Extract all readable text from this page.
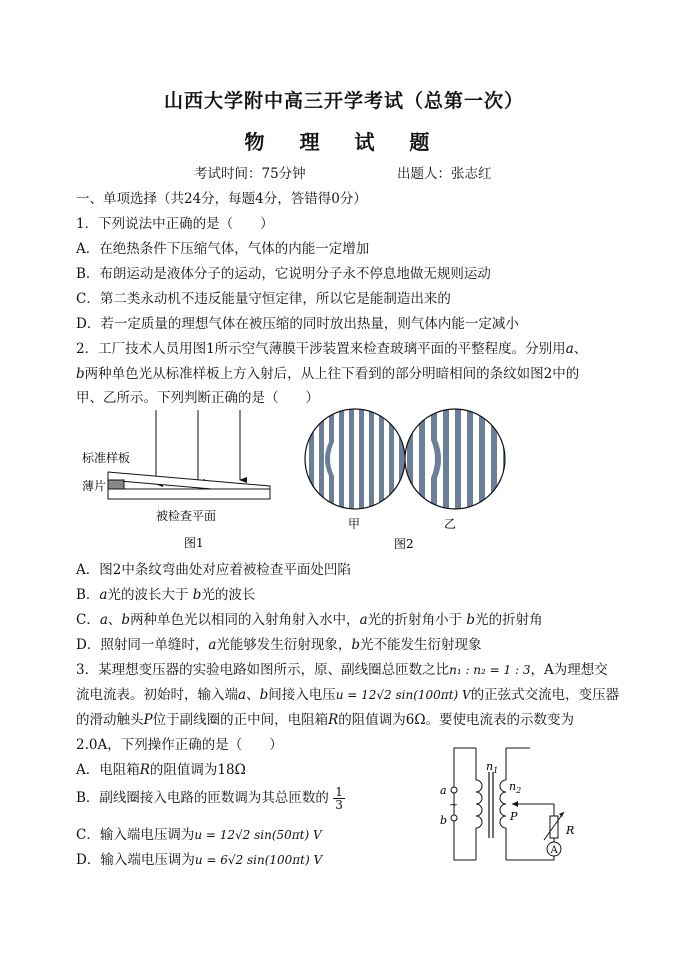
山西大学附中高三开学考试（总第一次）
物 理 试 题
考试时间：75分钟	出题人：张志红
一、单项选择（共24分，每题4分，答错得0分）
1．下列说法中正确的是（　　）
A．在绝热条件下压缩气体，气体的内能一定增加
B．布朗运动是液体分子的运动，它说明分子永不停息地做无规则运动
C．第二类永动机不违反能量守恒定律，所以它是能制造出来的
D．若一定质量的理想气体在被压缩的同时放出热量，则气体内能一定减小
2．工厂技术人员用图1所示空气薄膜干涉装置来检查玻璃平面的平整程度。分别用a、
b两种单色光从标准样板上方入射后，从上往下看到的部分明暗相间的条纹如图2中的
甲、乙所示。下列判断正确的是（　　）
标准样板
薄片
被检查平面
图1
甲	乙
图2
A．图2中条纹弯曲处对应着被检查平面处凹陷
B．a光的波长大于 b光的波长
C．a、b两种单色光以相同的入射角射入水中，a光的折射角小于 b光的折射角
D．照射同一单缝时，a光能够发生衍射现象，b光不能发生衍射现象
3．某理想变压器的实验电路如图所示，原、副线圈总匝数之比n₁ : n₂ = 1 : 3，A为理想交
流电流表。初始时，输入端a、b间接入电压u = 12√2 sin(100πt) V的正弦式交流电，变压器
的滑动触头P位于副线圈的正中间，电阻箱R的阻值调为6Ω。要使电流表的示数变为
2.0A，下列操作正确的是（　　）
A．电阻箱R的阻值调为18Ω
B．副线圈接入电路的匝数调为其总匝数的 $\frac{1}{3}$
C．输入端电压调为u = 12√2 sin(50πt) V
D．输入端电压调为u = 6√2 sin(100πt) V
a
b
~
$n_1$
$n_2$
P
R
A
